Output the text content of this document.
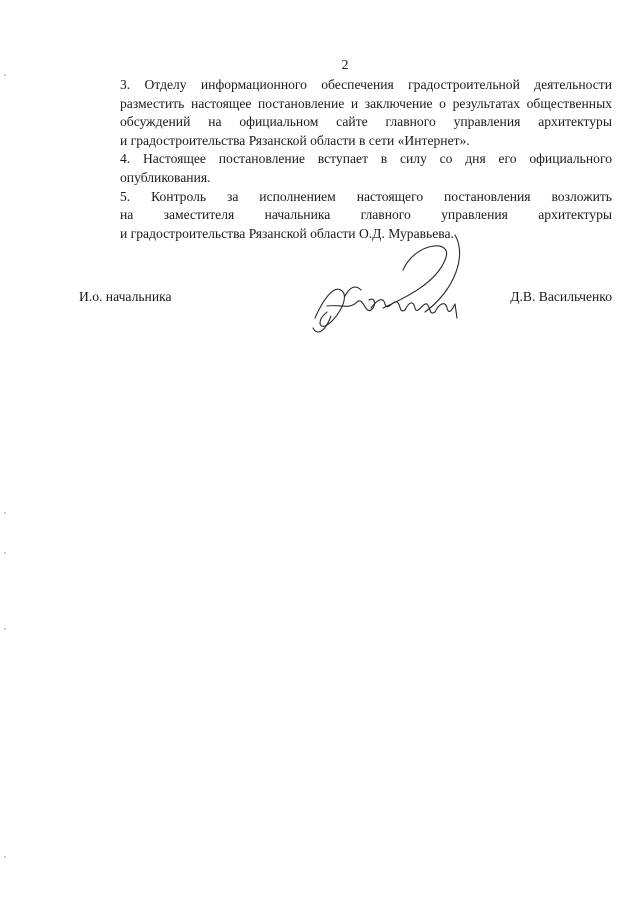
2

3. Отделу информационного обеспечения градостроительной деятельности
разместить настоящее постановление и заключение о результатах общественных
обсуждений на официальном сайте главного управления архитектуры
и градостроительства Рязанской области в сети «Интернет».

4. Настоящее постановление вступает в силу со дня его официального
опубликования.

5. Контроль за исполнением настоящего постановления возложить
на заместителя начальника главного управления архитектуры
и градостроительства Рязанской области О.Д. Муравьева.

И.о. начальника	Д.В. Васильченко
